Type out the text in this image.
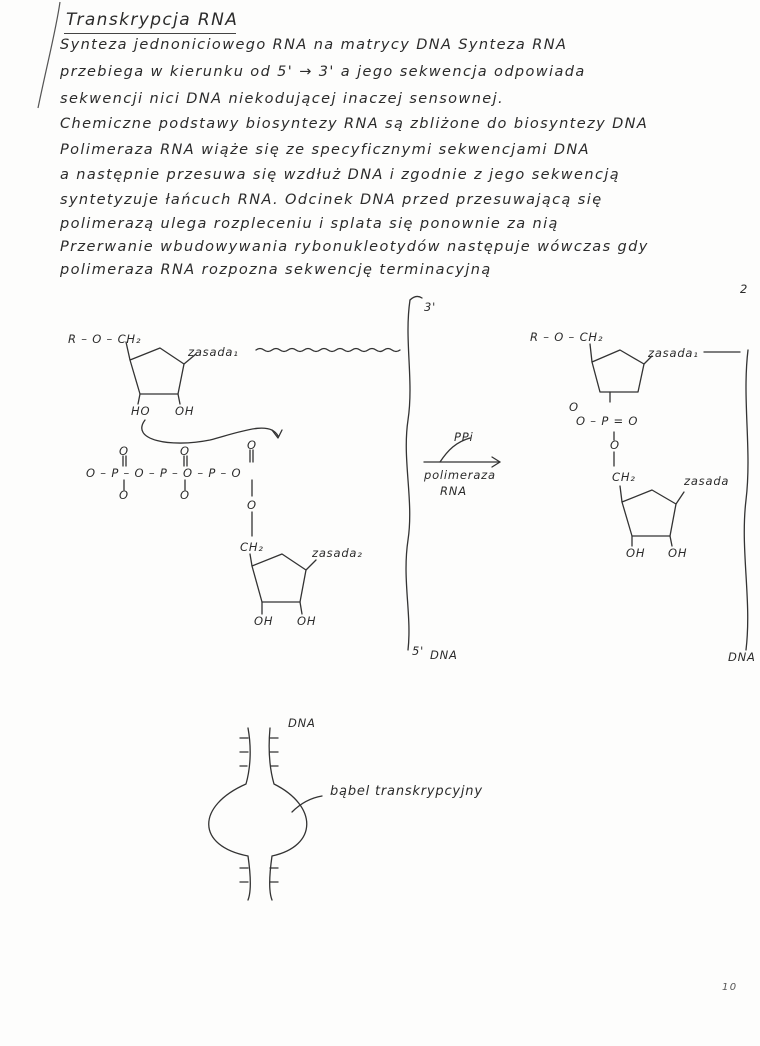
Transkrypcja RNA
Synteza jednoniciowego RNA na matrycy DNA Synteza RNA
przebiega w kierunku od 5' → 3' a jego sekwencja odpowiada
sekwencji nici DNA niekodującej inaczej sensownej.
Chemiczne podstawy biosyntezy RNA są zbliżone do biosyntezy DNA
Polimeraza RNA wiąże się ze specyficznymi sekwencjami DNA
a następnie przesuwa się wzdłuż DNA i zgodnie z jego sekwencją
syntetyzuje łańcuch RNA. Odcinek DNA przed przesuwającą się
polimerazą ulega rozpleceniu i splata się ponownie za nią
Przerwanie wbudowywania rybonukleotydów następuje wówczas gdy
polimeraza RNA rozpozna sekwencję terminacyjną
2
R – O – CH₂
zasada₁
HO OH
O	O	O
O – P – O – P – O – P – O
O	O
O
CH₂	zasada₂
OH OH
3'
5' DNA
PPi
polimeraza
RNA
R – O – CH₂
zasada₁
O
O – P = O
O
CH₂	zasada
OH OH
DNA
DNA
bąbel transkrypcyjny
10
